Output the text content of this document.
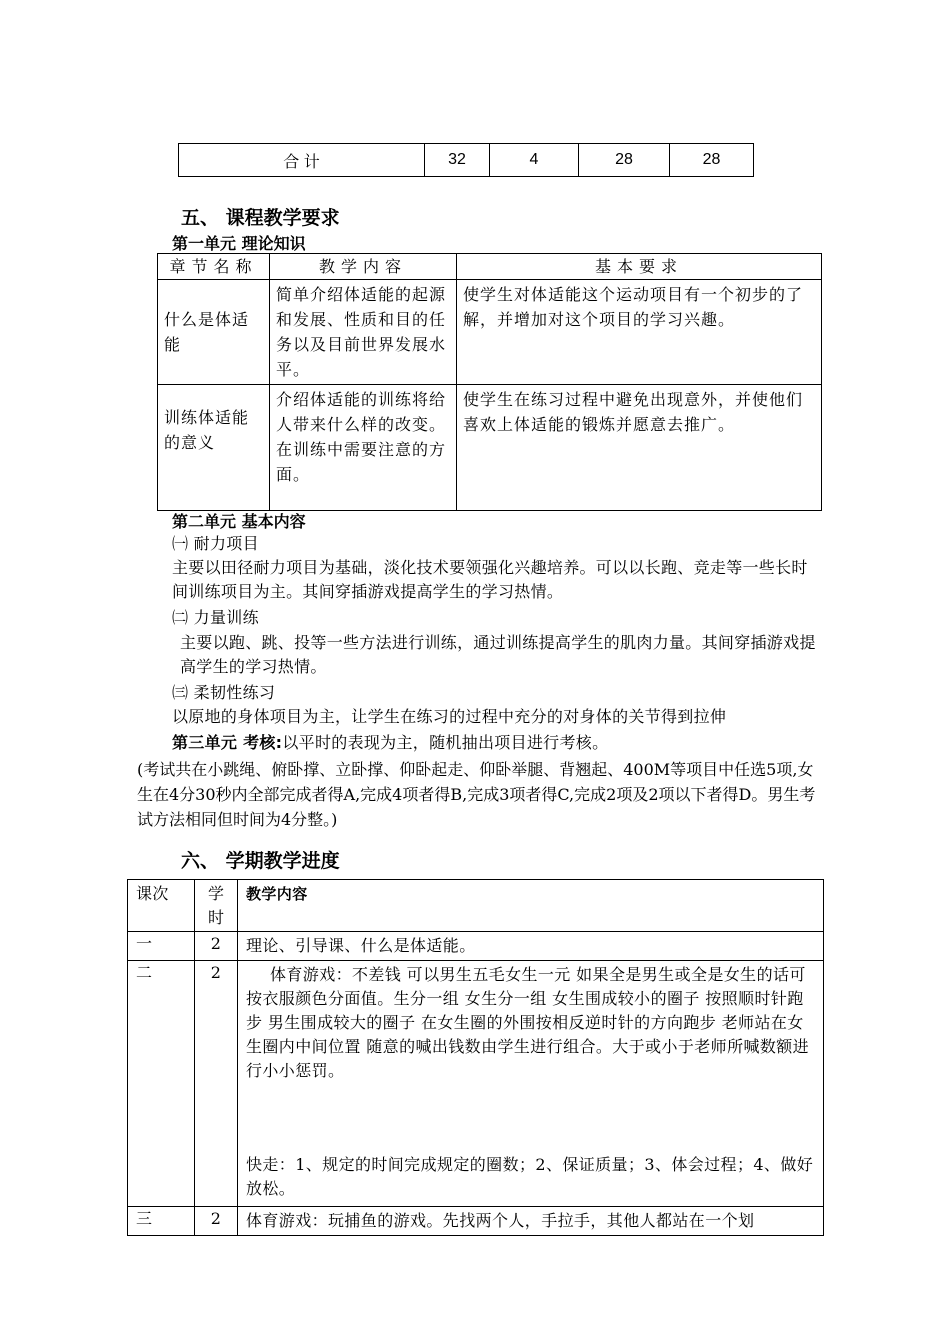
合 计	32	4	28	28
五、 课程教学要求
第一单元 理论知识
章节名称	教学内容	基本要求
什么是体适能	简单介绍体适能的起源和发展、性质和目的任务以及目前世界发展水平。	使学生对体适能这个运动项目有一个初步的了解，并增加对这个项目的学习兴趣。
训练体适能的意义	介绍体适能的训练将给人带来什么样的改变。在训练中需要注意的方面。	使学生在练习过程中避免出现意外，并使他们喜欢上体适能的锻炼并愿意去推广。
第二单元 基本内容
㈠ 耐力项目
主要以田径耐力项目为基础，淡化技术要领强化兴趣培养。可以以长跑、竞走等一些长时间训练项目为主。其间穿插游戏提高学生的学习热情。
㈡ 力量训练
主要以跑、跳、投等一些方法进行训练，通过训练提高学生的肌肉力量。其间穿插游戏提高学生的学习热情。
㈢ 柔韧性练习
以原地的身体项目为主，让学生在练习的过程中充分的对身体的关节得到拉伸
第三单元 考核:以平时的表现为主，随机抽出项目进行考核。
(考试共在小跳绳、俯卧撑、立卧撑、仰卧起走、仰卧举腿、背翘起、400M等项目中任选5项,女生在4分30秒内全部完成者得A,完成4项者得B,完成3项者得C,完成2项及2项以下者得D。男生考试方法相同但时间为4分整。)
六、 学期教学进度
课次	学时	教学内容
一	2	理论、引导课、什么是体适能。
二	2	体育游戏：不差钱 可以男生五毛女生一元 如果全是男生或全是女生的话可按衣服颜色分面值。生分一组 女生分一组 女生围成较小的圈子 按照顺时针跑步 男生围成较大的圈子 在女生圈的外围按相反逆时针的方向跑步 老师站在女生圈内中间位置 随意的喊出钱数由学生进行组合。大于或小于老师所喊数额进行小小惩罚。
快走：1、规定的时间完成规定的圈数；2、保证质量；3、体会过程；4、做好放松。

三	2	体育游戏：玩捕鱼的游戏。先找两个人，手拉手，其他人都站在一个划
